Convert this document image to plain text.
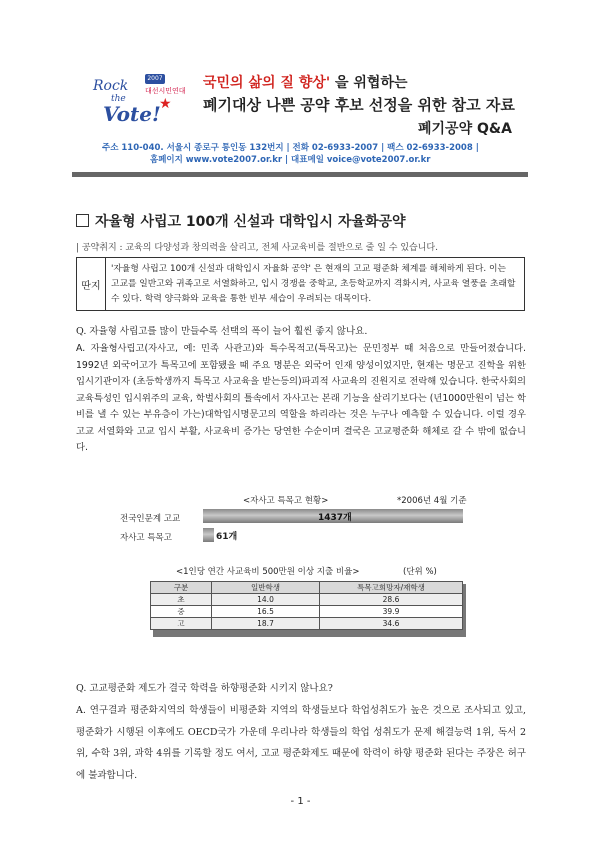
Rock
the
Vote!
2007
대선시민연대
★
국민의 삶의 질 향상' 을 위협하는
폐기대상 나쁜 공약 후보 선정을 위한 참고 자료
폐기공약 Q&A
주소 110-040. 서울시 종로구 통인동 132번지 | 전화 02-6933-2007 | 팩스 02-6933-2008 |
홈페이지 www.vote2007.or.kr | 대표메일 voice@vote2007.or.kr
자율형 사립고 100개 신설과 대학입시 자율화공약
| 공약취지 : 교육의 다양성과 창의력을 살리고, 전체 사교육비를 절반으로 줄 일 수 있습니다.
딴지
'자율형 사립고 100개 신설과 대학입시 자율화 공약' 은 현재의 고교 평준화 체계를 해체하게 된다. 이는 고교를 일반고와 귀족고로 서열화하고, 입시 경쟁을 중학교, 초등학교까지 격화시켜, 사교육 열풍을 초래할 수 있다. 학력 양극화와 교육을 통한 빈부 세습이 우려되는 대목이다.
Q. 자율형 사립고를 많이 만들수록 선택의 폭이 늘어 훨씬 좋지 않나요.
A. 자율형사립고(자사고, 예: 민족 사관고)와 특수목적고(특목고)는 문민정부 때 처음으로 만들어졌습니다. 1992년 외국어고가 특목고에 포함됐을 때 주요 명분은 외국어 인재 양성이었지만, 현재는 명문고 진학을 위한 입시기관이자 (초등학생까지 특목고 사교육을 받는등의)파괴적 사교육의 진원지로 전락해 있습니다. 한국사회의 교육특성인 입시위주의 교육, 학벌사회의 틀속에서 자사고는 본래 기능을 살리기보다는 (년1000만원이 넘는 학비를 낼 수 있는 부유층이 가는)대학입시명문고의 역할을 하리라는 것은 누구나 예측할 수 있습니다. 이럴 경우 고교 서열화와 고교 입시 부활, 사교육비 증가는 당연한 수순이며 결국은 고교평준화 해체로 갈 수 밖에 없습니다.
<자사고 특목고 현황>	*2006년 4월 기준
전국인문계 고교
자사고 특목고
1437개
61개
<1인당 연간 사교육비 500만원 이상 지출 비율>	(단위 %)
구분	일반학생	특목고희망자/재학생
초	14.0	28.6
중	16.5	39.9
고	18.7	34.6
Q. 고교평준화 제도가 결국 학력을 하향평준화 시키지 않나요?
A. 연구결과 평준화지역의 학생들이 비평준화 지역의 학생들보다 학업성취도가 높은 것으로 조사되고 있고, 평준화가 시행된 이후에도 OECD국가 가운데 우리나라 학생들의 학업 성취도가 문제 해결능력 1위, 독서 2위, 수학 3위, 과학 4위를 기록할 정도 여서, 고교 평준화제도 때문에 학력이 하향 평준화 된다는 주장은 허구에 불과합니다.
- 1 -
